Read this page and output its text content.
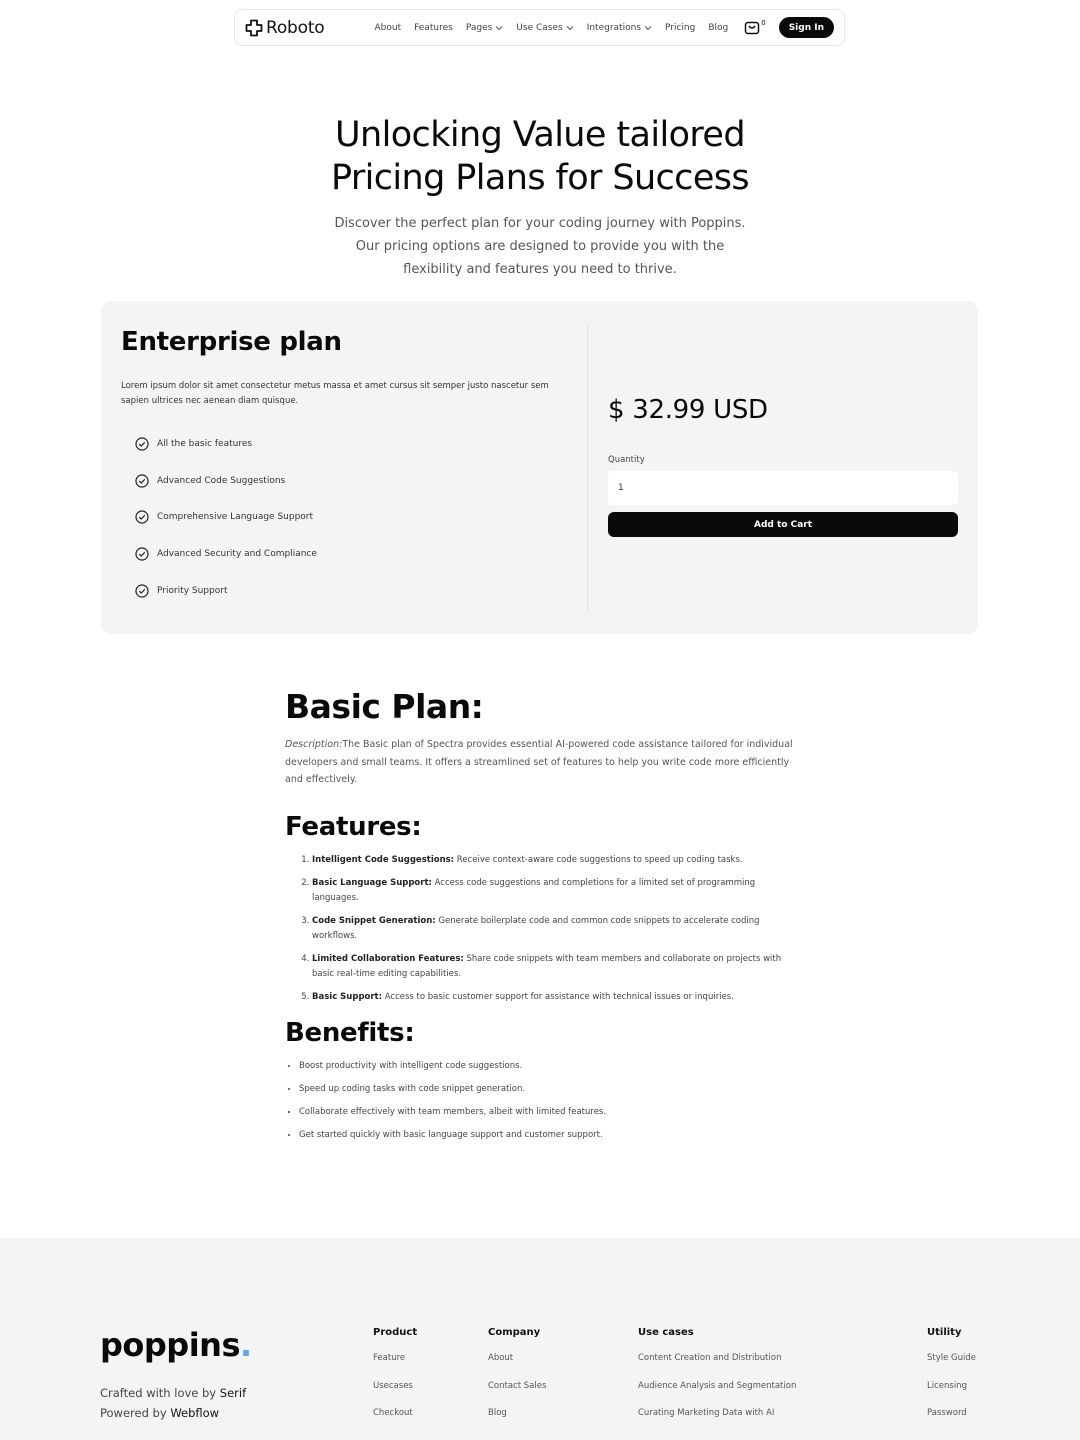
Roboto	About Features Pages	Use Cases	Integrations	Pricing Blog	0	Sign In
Unlocking Value tailored
Pricing Plans for Success

Discover the perfect plan for your coding journey with Poppins.
Our pricing options are designed to provide you with the
flexibility and features you need to thrive.

Enterprise plan

Lorem ipsum dolor sit amet consectetur metus massa et amet cursus sit semper justo nascetur sem sapien ultrices nec aenean diam quisque.

All the basic features
Advanced Code Suggestions
Comprehensive Language Support
Advanced Security and Compliance
Priority Support
$ 32.99 USD
Quantity
1
Add to Cart
Basic Plan:

Description:The Basic plan of Spectra provides essential AI-powered code assistance tailored for individual developers and small teams. It offers a streamlined set of features to help you write code more efficiently and effectively.

Features:
1. Intelligent Code Suggestions: Receive context-aware code suggestions to speed up coding tasks.
2. Basic Language Support: Access code suggestions and completions for a limited set of programming languages.
3. Code Snippet Generation: Generate boilerplate code and common code snippets to accelerate coding workflows.
4. Limited Collaboration Features: Share code snippets with team members and collaborate on projects with basic real-time editing capabilities.
5. Basic Support: Access to basic customer support for assistance with technical issues or inquiries.
Benefits:
• Boost productivity with intelligent code suggestions.
• Speed up coding tasks with code snippet generation.
• Collaborate effectively with team members, albeit with limited features.
• Get started quickly with basic language support and customer support.
poppins.
Crafted with love by Serif
Powered by Webflow
Product
Feature
Usecases
Checkout
Company
About
Contact Sales
Blog
Use cases
Content Creation and Distribution
Audience Analysis and Segmentation
Curating Marketing Data with AI
Utility
Style Guide
Licensing
Password
